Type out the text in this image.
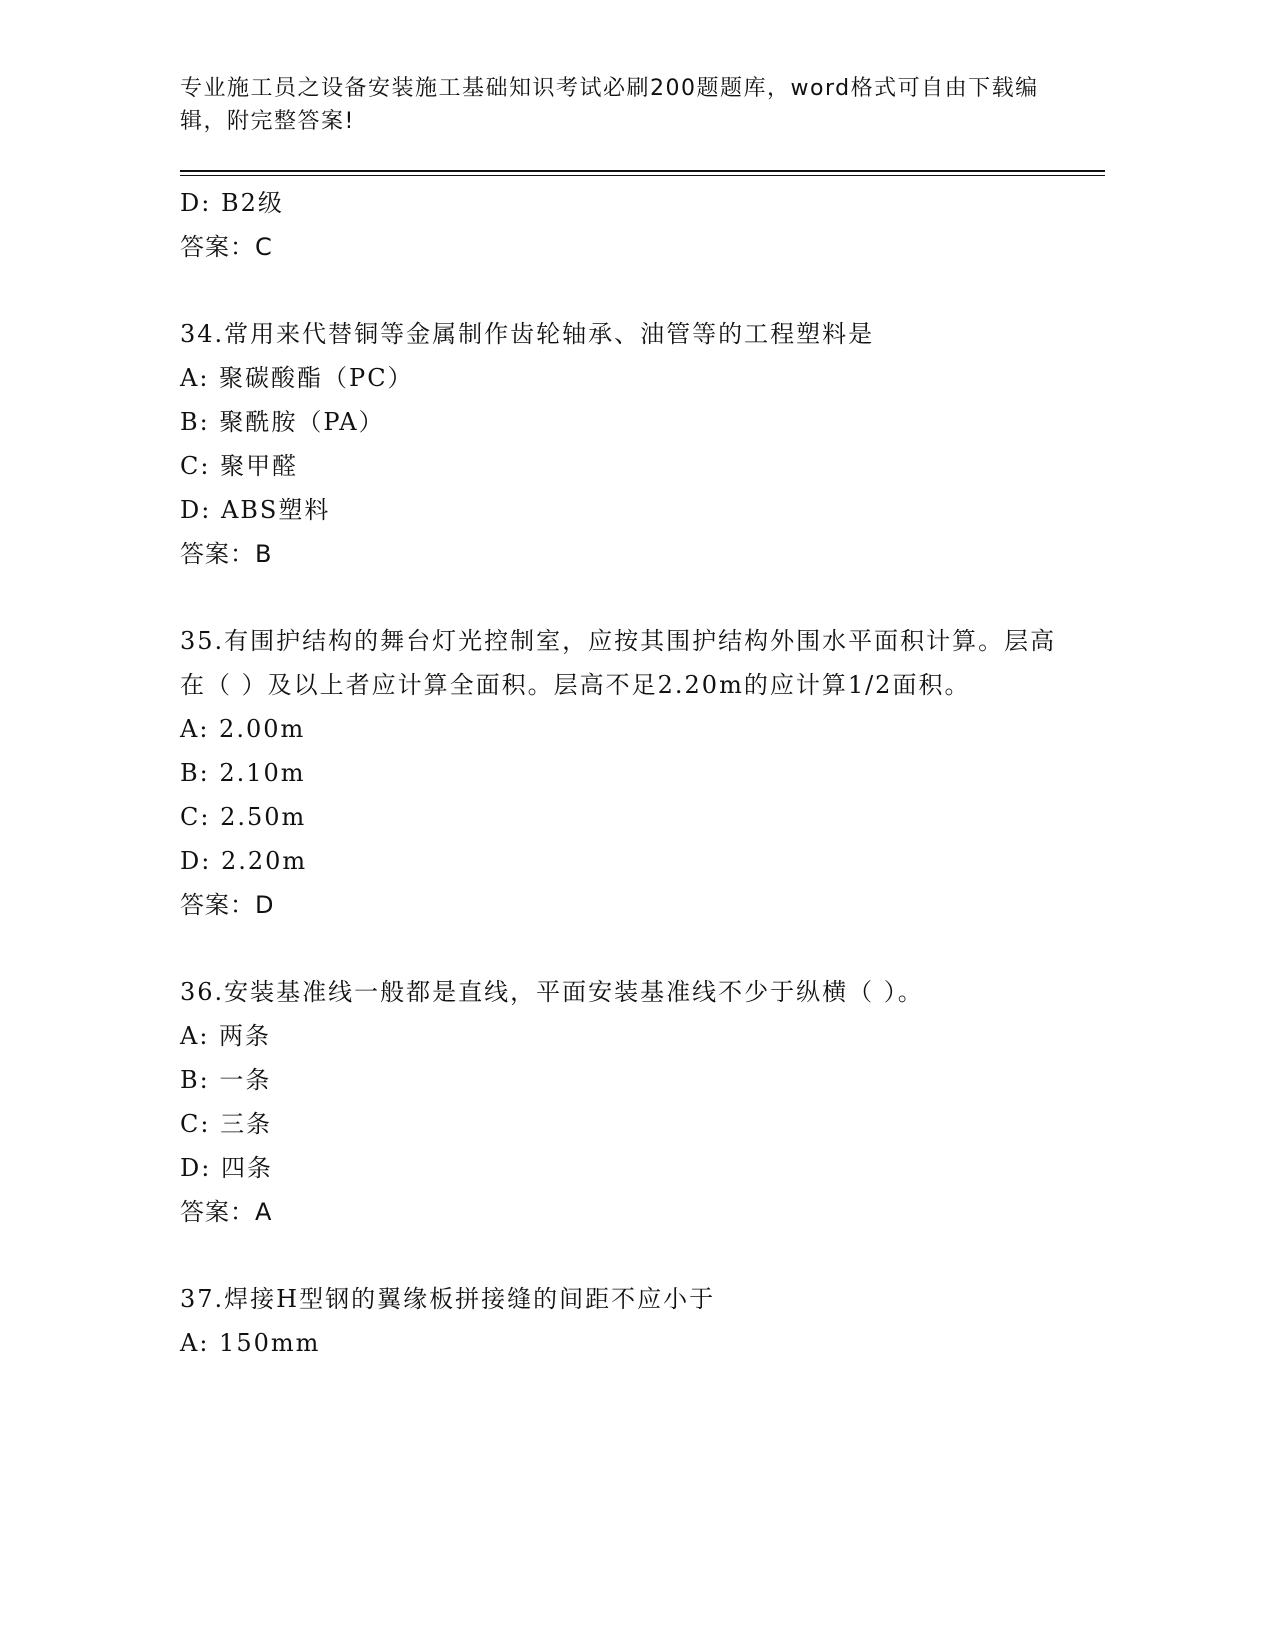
专业施工员之设备安装施工基础知识考试必刷200题题库，word格式可自由下载编辑，附完整答案!
D: B2级
答案：C
34.常用来代替铜等金属制作齿轮轴承、油管等的工程塑料是
A: 聚碳酸酯（PC）
B: 聚酰胺（PA）
C: 聚甲醛
D: ABS塑料
答案：B
35.有围护结构的舞台灯光控制室，应按其围护结构外围水平面积计算。层高在（ ）及以上者应计算全面积。层高不足2.20m的应计算1/2面积。
A: 2.00m
B: 2.10m
C: 2.50m
D: 2.20m
答案：D
36.安装基准线一般都是直线，平面安装基准线不少于纵横（ ）。
A: 两条
B: 一条
C: 三条
D: 四条
答案：A
37.焊接H型钢的翼缘板拼接缝的间距不应小于
A: 150mm
